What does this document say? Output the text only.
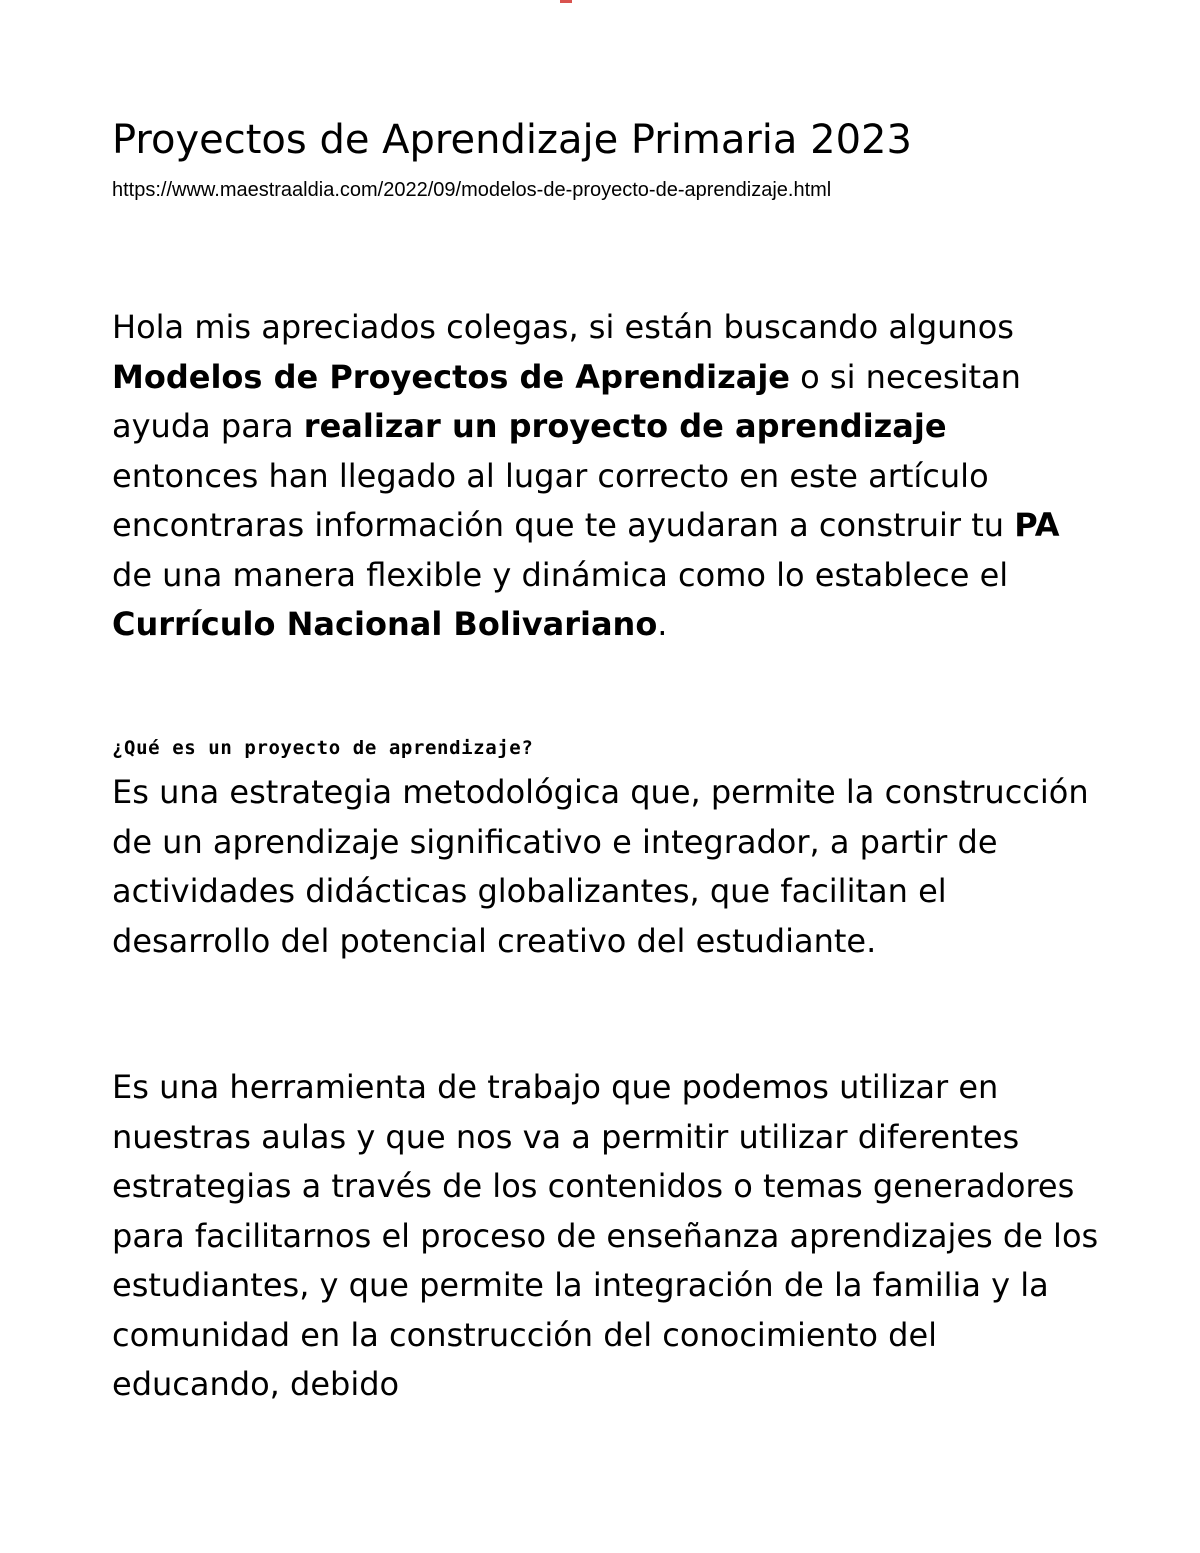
Proyectos de Aprendizaje Primaria 2023

https://www.maestraaldia.com/2022/09/modelos-de-proyecto-de-aprendizaje.html

Hola mis apreciados colegas, si están buscando algunos Modelos de Proyectos de Aprendizaje o si necesitan ayuda para realizar un proyecto de aprendizaje entonces han llegado al lugar correcto en este artículo encontraras información que te ayudaran a construir tu PA de una manera flexible y dinámica como lo establece el Currículo Nacional Bolivariano.

¿Qué es un proyecto de aprendizaje?

Es una estrategia metodológica que, permite la construcción de un aprendizaje significativo e integrador, a partir de actividades didácticas globalizantes, que facilitan el desarrollo del potencial creativo del estudiante.

Es una herramienta de trabajo que podemos utilizar en nuestras aulas y que nos va a permitir utilizar diferentes estrategias a través de los contenidos o temas generadores para facilitarnos el proceso de enseñanza aprendizajes de los estudiantes, y que permite la integración de la familia y la comunidad en la construcción del conocimiento del educando, debido
